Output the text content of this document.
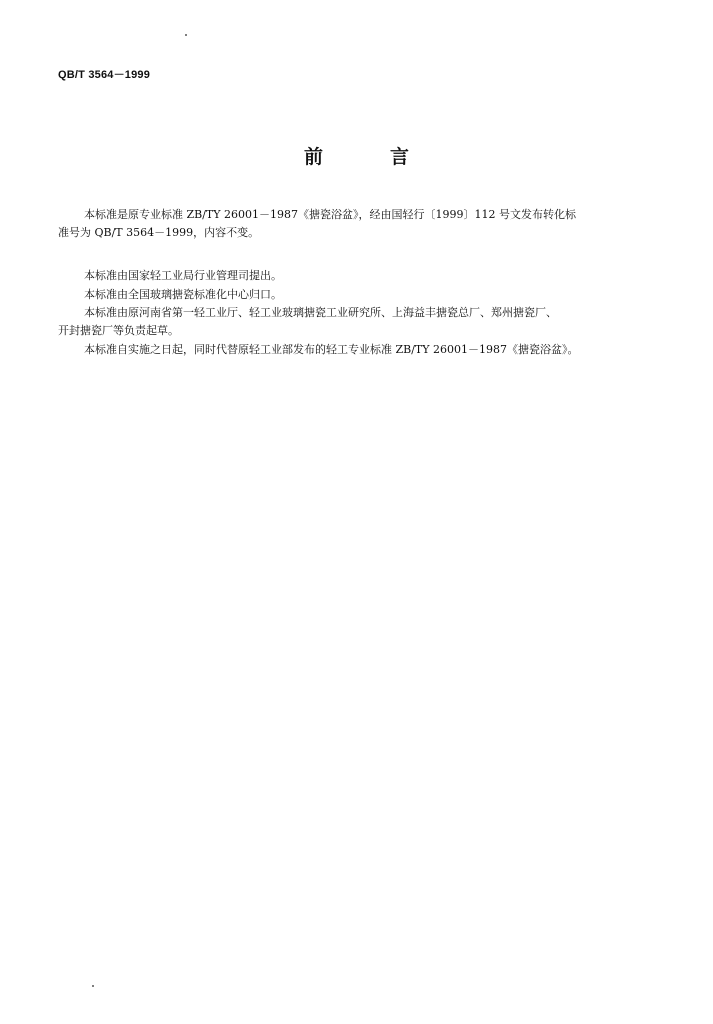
QB/T 3564－1999
前　言
本标准是原专业标准 ZB/TY 26001－1987《搪瓷浴盆》，经由国轻行〔1999〕112 号文发布转化标
准号为 QB/T 3564－1999，内容不变。
本标准由国家轻工业局行业管理司提出。
本标准由全国玻璃搪瓷标准化中心归口。
本标准由原河南省第一轻工业厅、轻工业玻璃搪瓷工业研究所、上海益丰搪瓷总厂、郑州搪瓷厂、
开封搪瓷厂等负责起草。
本标准自实施之日起，同时代替原轻工业部发布的轻工专业标准 ZB/TY 26001－1987《搪瓷浴盆》。
